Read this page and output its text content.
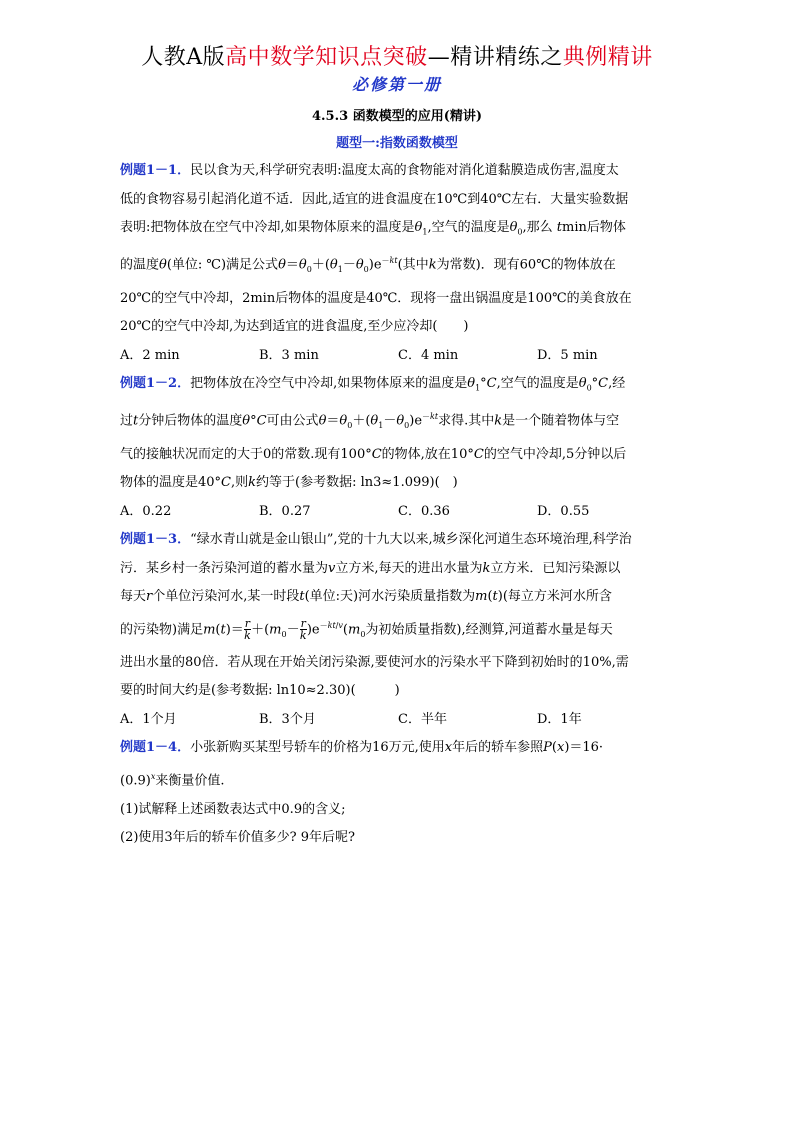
人教A版高中数学知识点突破—精讲精练之典例精讲
必修第一册
4.5.3 函数模型的应用(精讲)
题型一:指数函数模型
例题1－1．民以食为天,科学研究表明:温度太高的食物能对消化道黏膜造成伤害,温度太
低的食物容易引起消化道不适．因此,适宜的进食温度在10℃到40℃左右．大量实验数据
表明:把物体放在空气中冷却,如果物体原来的温度是$\theta_1$,空气的温度是$\theta_0$,那么 tmin后物体
的温度θ(单位: ℃)满足公式$\theta=\theta_0+(\theta_1-\theta_0)e^{-kt}$(其中k为常数)．现有60℃的物体放在
20℃的空气中冷却，2min后物体的温度是40℃．现将一盘出锅温度是100℃的美食放在
20℃的空气中冷却,为达到适宜的进食温度,至少应冷却(　　)
A．2 min	B．3 min	C．4 min	D．5 min
例题1－2．把物体放在冷空气中冷却,如果物体原来的温度是$\theta_1^\circ C$,空气的温度是$\theta_0^\circ C$,经
过t分钟后物体的温度θ°C可由公式$\theta=\theta_0+(\theta_1-\theta_0)e^{-kt}$求得.其中k是一个随着物体与空
气的接触状况而定的大于0的常数.现有100°C的物体,放在10°C的空气中冷却,5分钟以后
物体的温度是40°C,则k约等于(参考数据: ln3≈1.099)(　)
A．0.22	B．0.27	C．0.36	D．0.55
例题1－3．“绿水青山就是金山银山”,党的十九大以来,城乡深化河道生态环境治理,科学治
污．某乡村一条污染河道的蓄水量为v立方米,每天的进出水量为k立方米．已知污染源以
每天r个单位污染河水,某一时段t(单位:天)河水污染质量指数为m(t)(每立方米河水所含
的污染物)满足$m(t)= \frac{r}{k} +(m_0- \frac{r}{k} )e^{-kt/v}(m_0$为初始质量指数),经测算,河道蓄水量是每天
进出水量的80倍．若从现在开始关闭污染源,要使河水的污染水平下降到初始时的10%,需
要的时间大约是(参考数据: ln10≈2.30)(　　　)
A．1个月	B．3个月	C．半年	D．1年
例题1－4．小张新购买某型号轿车的价格为16万元,使用x年后的轿车参照P(x)＝16·
$(0.9)^x$来衡量价值.
(1)试解释上述函数表达式中0.9的含义;
(2)使用3年后的轿车价值多少? 9年后呢?
